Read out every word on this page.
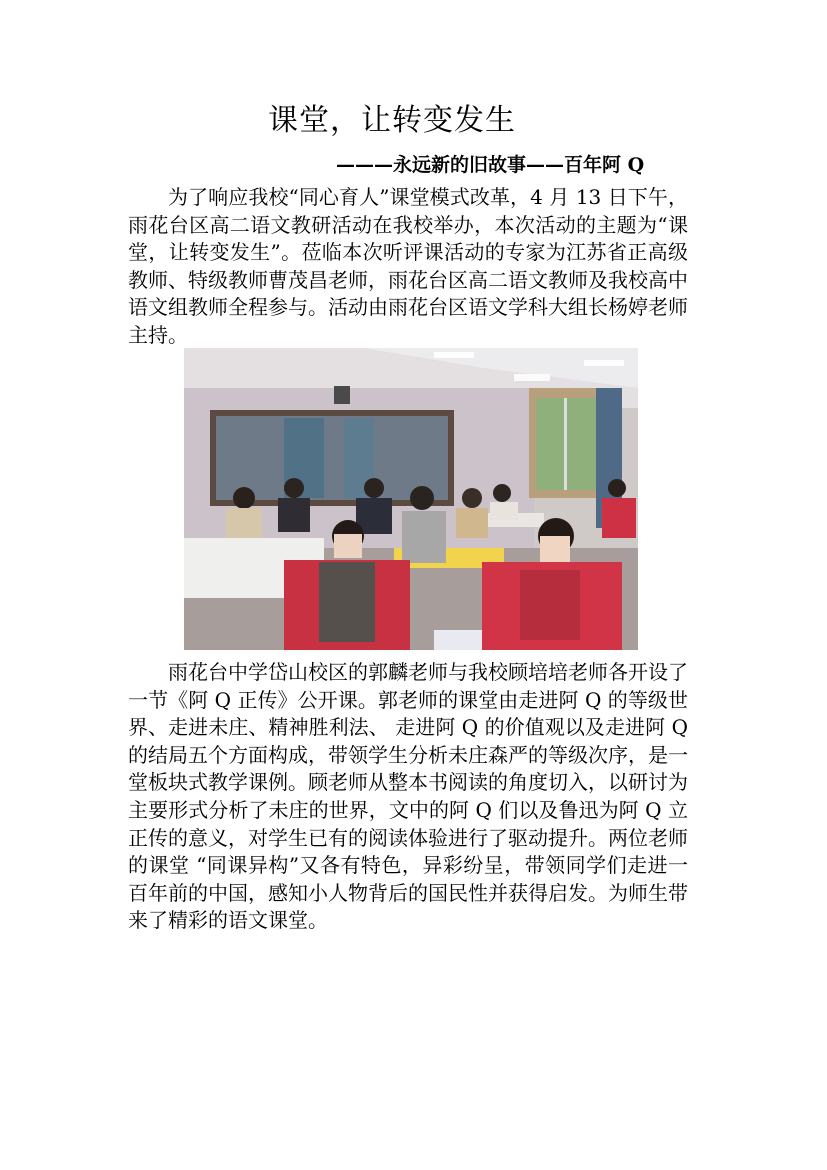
课堂，让转变发生
———永远新的旧故事——百年阿 Q

为了响应我校“同心育人”课堂模式改革，4 月 13 日下午，雨花台区高二语文教研活动在我校举办，本次活动的主题为“课堂，让转变发生”。莅临本次听评课活动的专家为江苏省正高级教师、特级教师曹茂昌老师，雨花台区高二语文教师及我校高中语文组教师全程参与。活动由雨花台区语文学科大组长杨婷老师主持。

雨花台中学岱山校区的郭麟老师与我校顾培培老师各开设了一节《阿 Q 正传》公开课。郭老师的课堂由走进阿 Q 的等级世界、走进未庄、精神胜利法、 走进阿 Q 的价值观以及走进阿 Q 的结局五个方面构成，带领学生分析未庄森严的等级次序，是一堂板块式教学课例。顾老师从整本书阅读的角度切入，以研讨为主要形式分析了未庄的世界，文中的阿 Q 们以及鲁迅为阿 Q 立正传的意义，对学生已有的阅读体验进行了驱动提升。两位老师的课堂 “同课异构”又各有特色，异彩纷呈，带领同学们走进一百年前的中国，感知小人物背后的国民性并获得启发。为师生带来了精彩的语文课堂。
